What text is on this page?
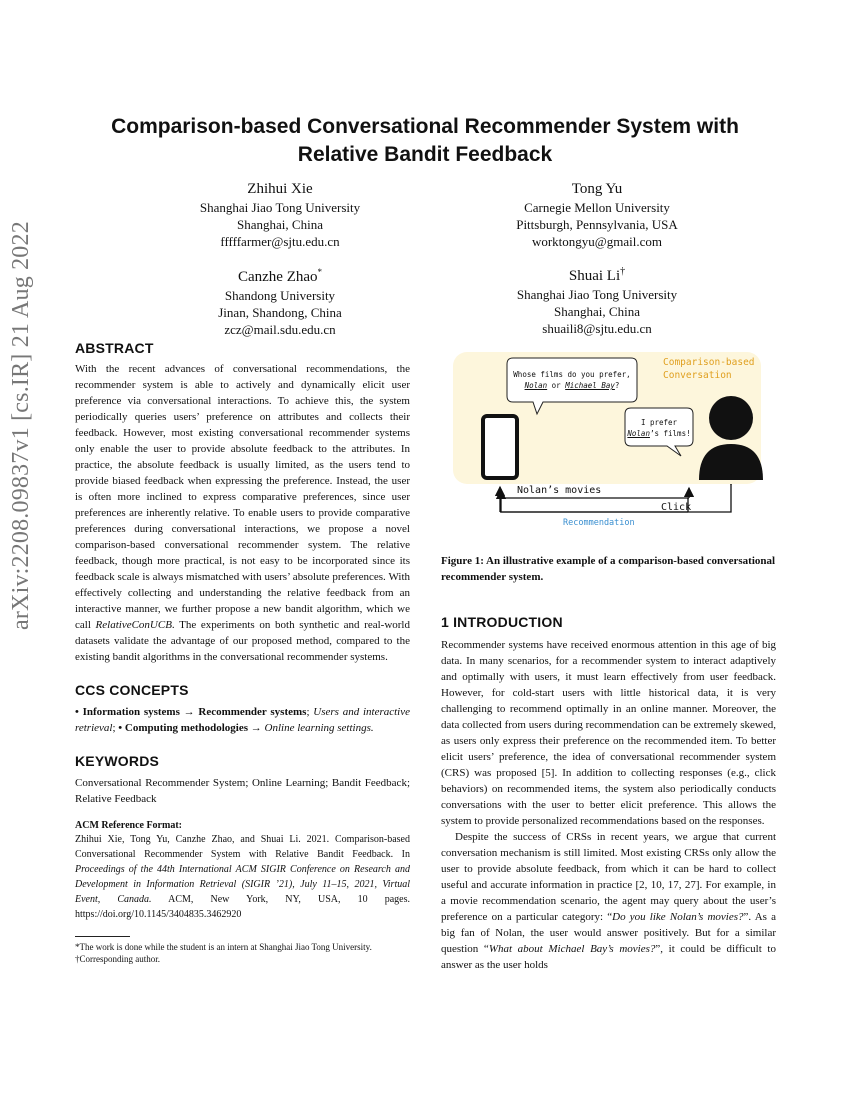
arXiv:2208.09837v1 [cs.IR] 21 Aug 2022
Comparison-based Conversational Recommender System with
Relative Bandit Feedback
Zhihui Xie
Shanghai Jiao Tong University
Shanghai, China
fffffarmer@sjtu.edu.cn
Tong Yu
Carnegie Mellon University
Pittsburgh, Pennsylvania, USA
worktongyu@gmail.com
Canzhe Zhao*
Shandong University
Jinan, Shandong, China
zcz@mail.sdu.edu.cn
Shuai Li†
Shanghai Jiao Tong University
Shanghai, China
shuaili8@sjtu.edu.cn
ABSTRACT
With the recent advances of conversational recommendations, the recommender system is able to actively and dynamically elicit user preference via conversational interactions. To achieve this, the system periodically queries users’ preference on attributes and collects their feedback. However, most existing conversational recommender systems only enable the user to provide absolute feedback to the attributes. In practice, the absolute feedback is usually limited, as the users tend to provide biased feedback when expressing the preference. Instead, the user is often more inclined to express comparative preferences, since user preferences are inherently relative. To enable users to provide comparative preferences during conversational interactions, we propose a novel comparison-based conversational recommender system. The relative feedback, though more practical, is not easy to be incorporated since its feedback scale is always mismatched with users’ absolute preferences. With effectively collecting and understanding the relative feedback from an interactive manner, we further propose a new bandit algorithm, which we call RelativeConUCB. The experiments on both synthetic and real-world datasets validate the advantage of our proposed method, compared to the existing bandit algorithms in the conversational recommender systems.
CCS CONCEPTS
• Information systems → Recommender systems; Users and interactive retrieval; • Computing methodologies → Online learning settings.
KEYWORDS
Conversational Recommender System; Online Learning; Bandit Feedback; Relative Feedback
ACM Reference Format:
Zhihui Xie, Tong Yu, Canzhe Zhao, and Shuai Li. 2021. Comparison-based Conversational Recommender System with Relative Bandit Feedback. In Proceedings of the 44th International ACM SIGIR Conference on Research and Development in Information Retrieval (SIGIR ’21), July 11–15, 2021, Virtual Event, Canada. ACM, New York, NY, USA, 10 pages. https://doi.org/10.1145/3404835.3462920
*The work is done while the student is an intern at Shanghai Jiao Tong University.
†Corresponding author.
Comparison-based Conversation
Whose films do you prefer,
Nolan or Michael Bay?
I prefer
Nolan’s films!
Nolan’s movies
Click
Recommendation
Figure 1: An illustrative example of a comparison-based conversational recommender system.
1 INTRODUCTION
Recommender systems have received enormous attention in this age of big data. In many scenarios, for a recommender system to interact adaptively and optimally with users, it must learn effectively from user feedback. However, for cold-start users with little historical data, it is very challenging to recommend optimally in an online manner. Moreover, the data collected from users during recommendation can be extremely skewed, as users only express their preference on the recommended item. To better elicit users’ preference, the idea of conversational recommender system (CRS) was proposed [5]. In addition to collecting responses (e.g., click behaviors) on recommended items, the system also periodically conducts conversations with the user to better elicit preference. This allows the system to provide personalized recommendations based on the responses.
Despite the success of CRSs in recent years, we argue that current conversation mechanism is still limited. Most existing CRSs only allow the user to provide absolute feedback, from which it can be hard to collect useful and accurate information in practice [2, 10, 17, 27]. For example, in a movie recommendation scenario, the agent may query about the user’s preference on a particular category: “Do you like Nolan’s movies?”. As a big fan of Nolan, the user would answer positively. But for a similar question “What about Michael Bay’s movies?”, it could be difficult to answer as the user holds
